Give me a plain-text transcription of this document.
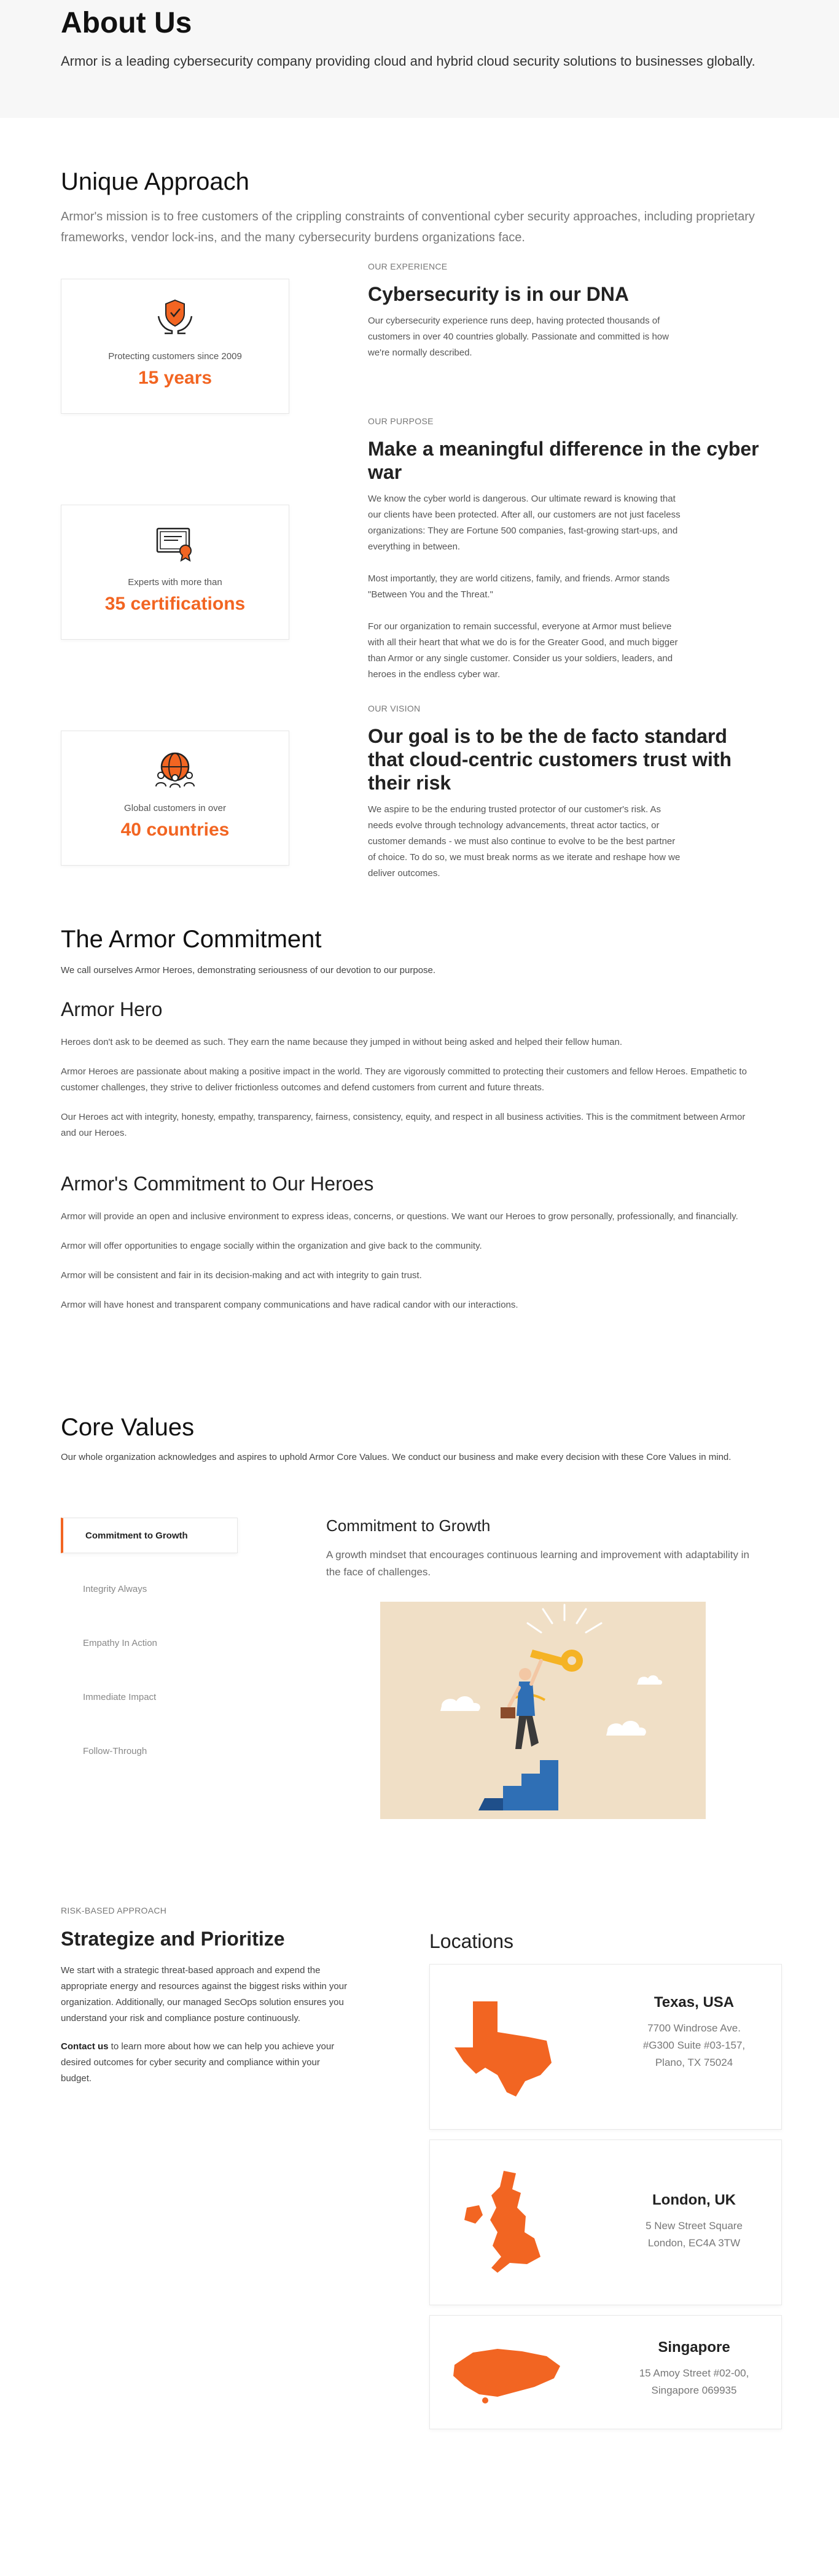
About Us

Armor is a leading cybersecurity company providing cloud and hybrid cloud security solutions to businesses globally.

Unique Approach

Armor's mission is to free customers of the crippling constraints of conventional cyber security approaches, including proprietary frameworks, vendor lock-ins, and the many cybersecurity burdens organizations face.

Protecting customers since 2009
15 years
OUR EXPERIENCE
Cybersecurity is in our DNA

Our cybersecurity experience runs deep, having protected thousands of customers in over 40 countries globally. Passionate and committed is how we're normally described.

Experts with more than
35 certifications
OUR PURPOSE
Make a meaningful difference in the cyber war

We know the cyber world is dangerous. Our ultimate reward is knowing that our clients have been protected. After all, our customers are not just faceless organizations: They are Fortune 500 companies, fast-growing start-ups, and everything in between.

Most importantly, they are world citizens, family, and friends. Armor stands "Between You and the Threat."

For our organization to remain successful, everyone at Armor must believe with all their heart that what we do is for the Greater Good, and much bigger than Armor or any single customer. Consider us your soldiers, leaders, and heroes in the endless cyber war.

Global customers in over
40 countries
OUR VISION
Our goal is to be the de facto standard that cloud-centric customers trust with their risk

We aspire to be the enduring trusted protector of our customer's risk. As needs evolve through technology advancements, threat actor tactics, or customer demands - we must also continue to evolve to be the best partner of choice. To do so, we must break norms as we iterate and reshape how we deliver outcomes.

The Armor Commitment

We call ourselves Armor Heroes, demonstrating seriousness of our devotion to our purpose.

Armor Hero

Heroes don't ask to be deemed as such. They earn the name because they jumped in without being asked and helped their fellow human.

Armor Heroes are passionate about making a positive impact in the world. They are vigorously committed to protecting their customers and fellow Heroes. Empathetic to customer challenges, they strive to deliver frictionless outcomes and defend customers from current and future threats.

Our Heroes act with integrity, honesty, empathy, transparency, fairness, consistency, equity, and respect in all business activities. This is the commitment between Armor and our Heroes.

Armor's Commitment to Our Heroes

Armor will provide an open and inclusive environment to express ideas, concerns, or questions. We want our Heroes to grow personally, professionally, and financially.

Armor will offer opportunities to engage socially within the organization and give back to the community.

Armor will be consistent and fair in its decision-making and act with integrity to gain trust.

Armor will have honest and transparent company communications and have radical candor with our interactions.

Core Values

Our whole organization acknowledges and aspires to uphold Armor Core Values. We conduct our business and make every decision with these Core Values in mind.

Commitment to Growth
Integrity Always
Empathy In Action
Immediate Impact
Follow-Through
Commitment to Growth

A growth mindset that encourages continuous learning and improvement with adaptability in the face of challenges.

RISK-BASED APPROACH
Strategize and Prioritize

We start with a strategic threat-based approach and expend the appropriate energy and resources against the biggest risks within your organization. Additionally, our managed SecOps solution ensures you understand your risk and compliance posture continuously.

Contact us to learn more about how we can help you achieve your desired outcomes for cyber security and compliance within your budget.

Locations
Texas, USA
7700 Windrose Ave.
#G300 Suite #03-157,
Plano, TX 75024
London, UK
5 New Street Square
London, EC4A 3TW
Singapore
15 Amoy Street #02-00,
Singapore 069935
